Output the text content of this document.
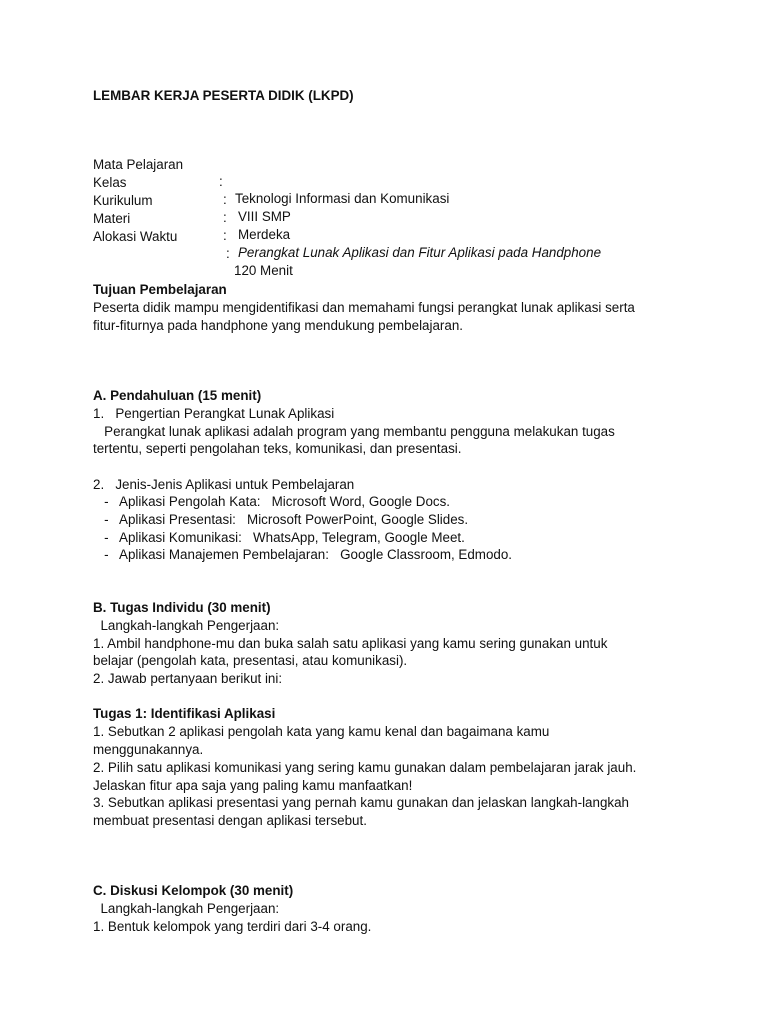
LEMBAR KERJA PESERTA DIDIK (LKPD)

Mata Pelajaran

:

Teknologi Informasi dan Komunikasi

Kelas

:

VIII SMP

Kurikulum

:

Merdeka

Materi

:

Perangkat Lunak Aplikasi dan Fitur Aplikasi pada Handphone

Alokasi Waktu

:

120 Menit

Tujuan Pembelajaran
Peserta didik mampu mengidentifikasi dan memahami fungsi perangkat lunak aplikasi serta
fitur-fiturnya pada handphone yang mendukung pembelajaran.
A. Pendahuluan (15 menit)
1.   Pengertian Perangkat Lunak Aplikasi
Perangkat lunak aplikasi adalah program yang membantu pengguna melakukan tugas
tertentu, seperti pengolahan teks, komunikasi, dan presentasi.
2.   Jenis-Jenis Aplikasi untuk Pembelajaran
-   Aplikasi Pengolah Kata:   Microsoft Word, Google Docs.
-   Aplikasi Presentasi:   Microsoft PowerPoint, Google Slides.
-   Aplikasi Komunikasi:   WhatsApp, Telegram, Google Meet.
-   Aplikasi Manajemen Pembelajaran:   Google Classroom, Edmodo.
B. Tugas Individu (30 menit)
Langkah-langkah Pengerjaan:
1. Ambil handphone-mu dan buka salah satu aplikasi yang kamu sering gunakan untuk
belajar (pengolah kata, presentasi, atau komunikasi).
2. Jawab pertanyaan berikut ini:
Tugas 1: Identifikasi Aplikasi
1. Sebutkan 2 aplikasi pengolah kata yang kamu kenal dan bagaimana kamu
menggunakannya.
2. Pilih satu aplikasi komunikasi yang sering kamu gunakan dalam pembelajaran jarak jauh.
Jelaskan fitur apa saja yang paling kamu manfaatkan!
3. Sebutkan aplikasi presentasi yang pernah kamu gunakan dan jelaskan langkah-langkah
membuat presentasi dengan aplikasi tersebut.
C. Diskusi Kelompok (30 menit)
Langkah-langkah Pengerjaan:
1. Bentuk kelompok yang terdiri dari 3-4 orang.
